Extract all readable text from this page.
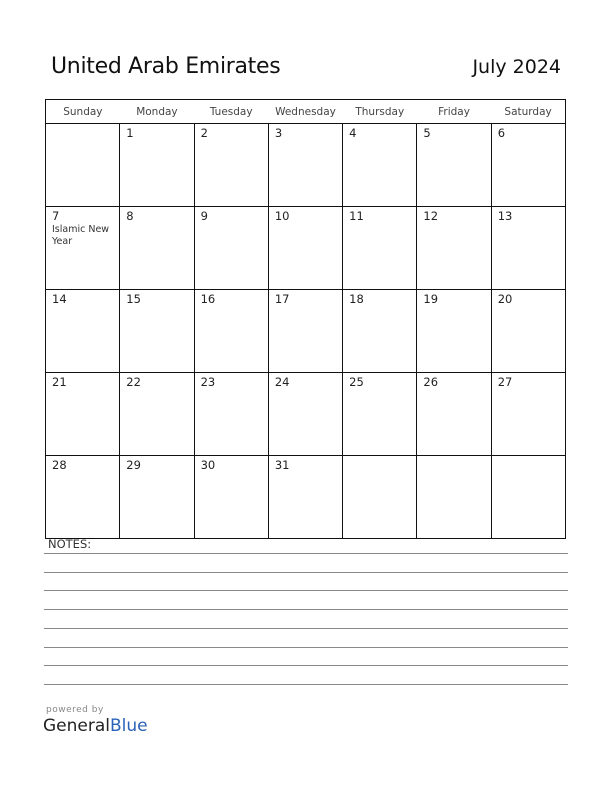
United Arab Emirates	July 2024
Sunday	Monday	Tuesday	Wednesday	Thursday	Friday	Saturday

	1	2	3	4	5	6

7
Islamic New Year	8	9	10	11	12	13

14	15	16	17	18	19	20

21	22	23	24	25	26	27

28	29	30	31			

NOTES:
powered by
GeneralBlue
